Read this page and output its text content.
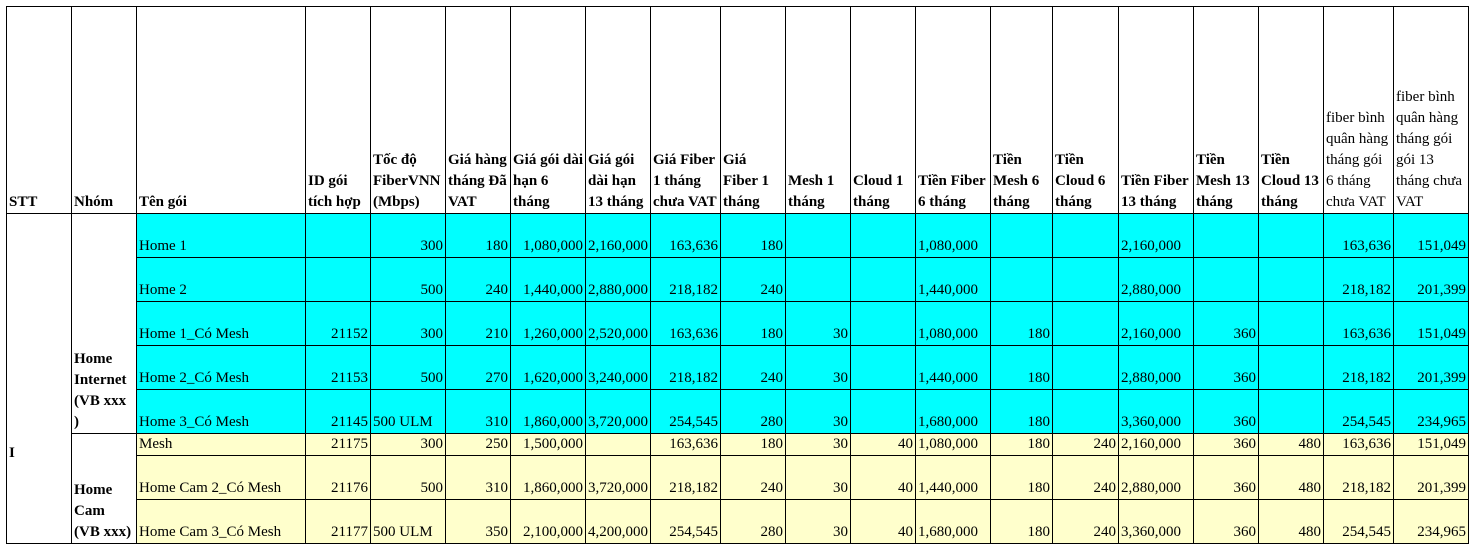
STT	Nhóm	Tên gói	ID gói tích hợp	Tốc độ FiberVNN (Mbps)	Giá hàng tháng Đã VAT	Giá gói dài hạn 6 tháng	Giá gói dài hạn 13 tháng	Giá Fiber 1 tháng chưa VAT	Giá Fiber 1 tháng	Mesh 1 tháng	Cloud 1 tháng	Tiền Fiber 6 tháng	Tiền Mesh 6 tháng	Tiền Cloud 6 tháng	Tiền Fiber 13 tháng	Tiền Mesh 13 tháng	Tiền Cloud 13 tháng	fiber bình quân hàng tháng gói 6 tháng chưa VAT	fiber bình quân hàng tháng gói gói 13 tháng chưa VAT
I	Home Internet (VB xxx )	Home 1		300	180	1,080,000	2,160,000	163,636	180			1,080,000			2,160,000			163,636	151,049
		Home 2		500	240	1,440,000	2,880,000	218,182	240			1,440,000			2,880,000			218,182	201,399
		Home 1_Có Mesh	21152	300	210	1,260,000	2,520,000	163,636	180	30		1,080,000	180		2,160,000	360		163,636	151,049
		Home 2_Có Mesh	21153	500	270	1,620,000	3,240,000	218,182	240	30		1,440,000	180		2,880,000	360		218,182	201,399
		Home 3_Có Mesh	21145	500 ULM	310	1,860,000	3,720,000	254,545	280	30		1,680,000	180		3,360,000	360		254,545	234,965
	Home Cam (VB xxx)	Mesh	21175	300	250	1,500,000		163,636	180	30	40	1,080,000	180	240	2,160,000	360	480	163,636	151,049
		Home Cam 2_Có Mesh	21176	500	310	1,860,000	3,720,000	218,182	240	30	40	1,440,000	180	240	2,880,000	360	480	218,182	201,399
		Home Cam 3_Có Mesh	21177	500 ULM	350	2,100,000	4,200,000	254,545	280	30	40	1,680,000	180	240	3,360,000	360	480	254,545	234,965
